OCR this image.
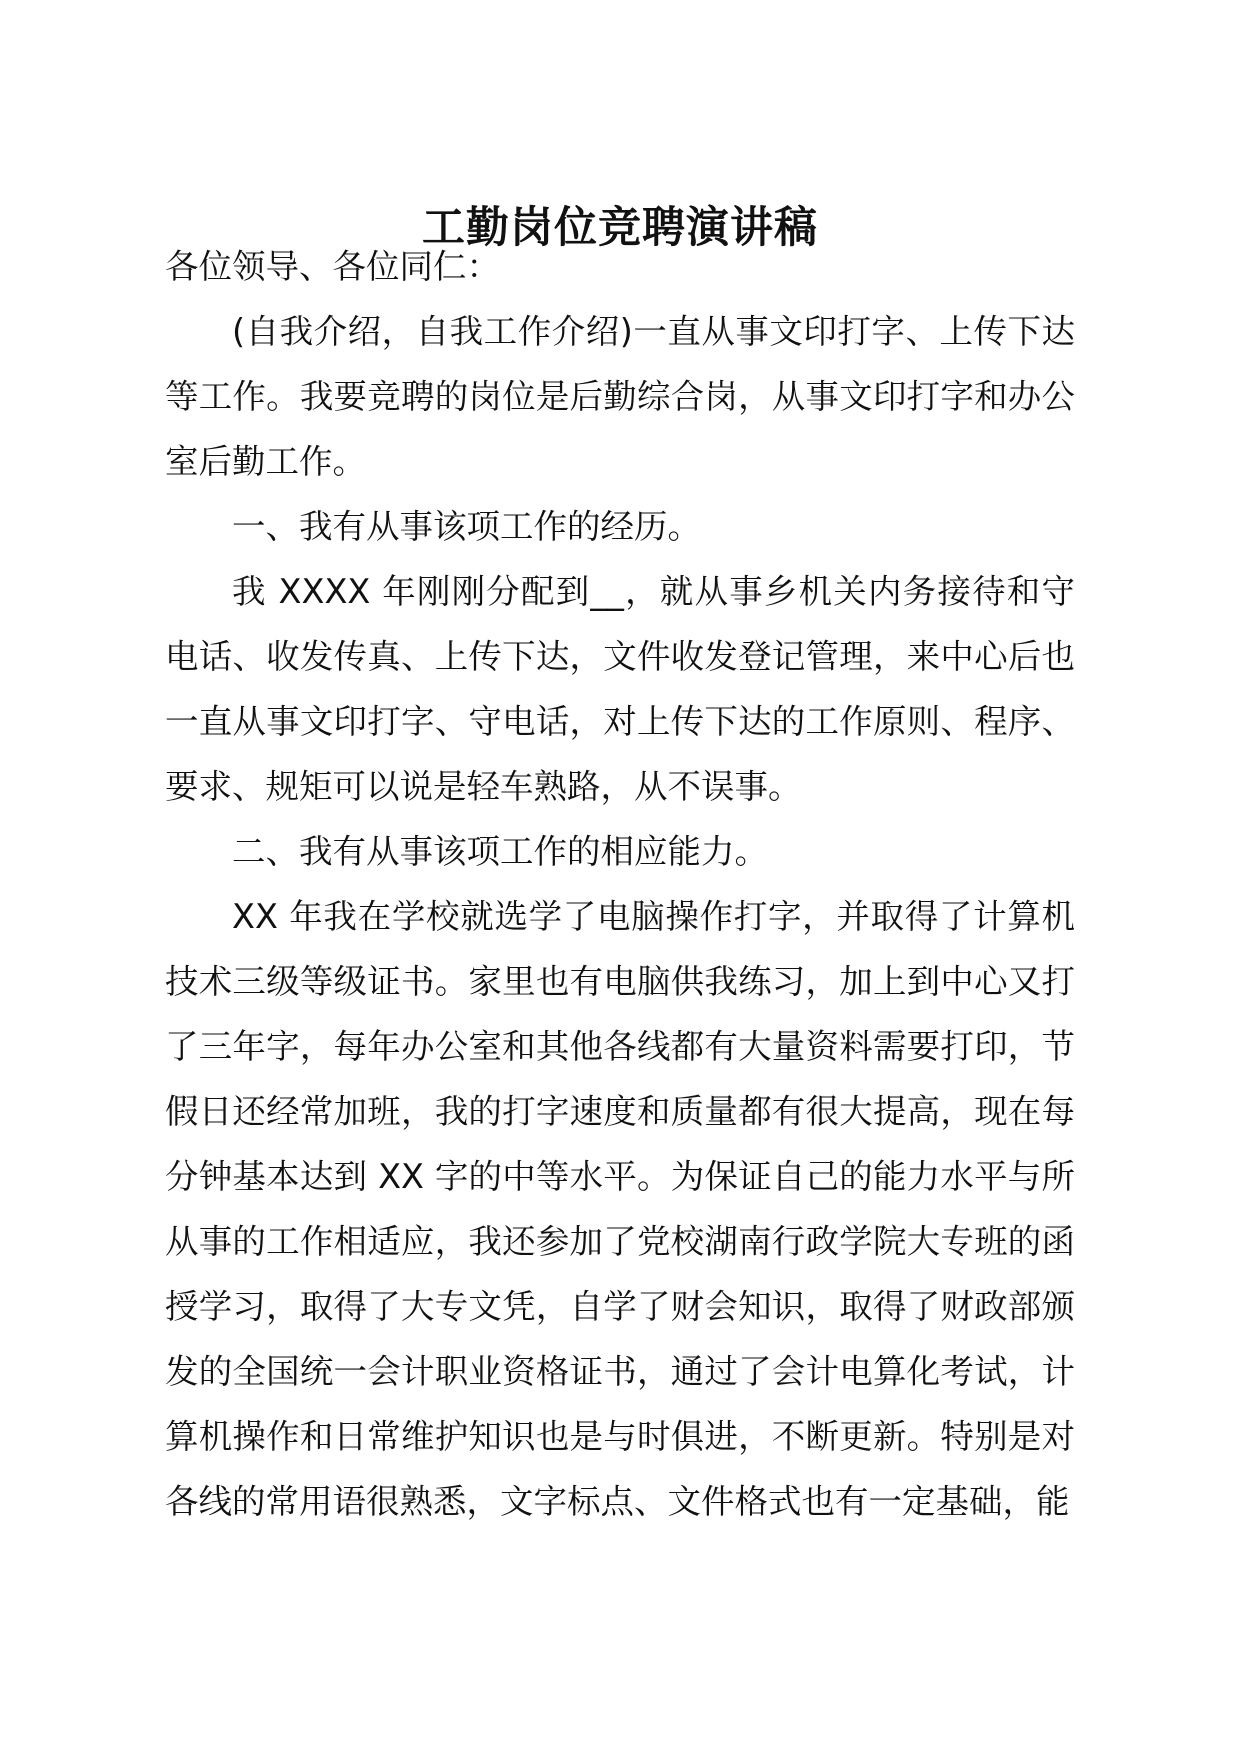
工勤岗位竞聘演讲稿

各位领导、各位同仁：

(自我介绍，自我工作介绍)一直从事文印打字、上传下达等工作。我要竞聘的岗位是后勤综合岗，从事文印打字和办公室后勤工作。

一、我有从事该项工作的经历。

我 XXXX 年刚刚分配到__，就从事乡机关内务接待和守电话、收发传真、上传下达，文件收发登记管理，来中心后也一直从事文印打字、守电话，对上传下达的工作原则、程序、要求、规矩可以说是轻车熟路，从不误事。

二、我有从事该项工作的相应能力。

XX 年我在学校就选学了电脑操作打字，并取得了计算机技术三级等级证书。家里也有电脑供我练习，加上到中心又打了三年字，每年办公室和其他各线都有大量资料需要打印，节假日还经常加班，我的打字速度和质量都有很大提高，现在每分钟基本达到 XX 字的中等水平。为保证自己的能力水平与所从事的工作相适应，我还参加了党校湖南行政学院大专班的函授学习，取得了大专文凭，自学了财会知识，取得了财政部颁发的全国统一会计职业资格证书，通过了会计电算化考试，计算机操作和日常维护知识也是与时俱进，不断更新。特别是对各线的常用语很熟悉，文字标点、文件格式也有一定基础，能
